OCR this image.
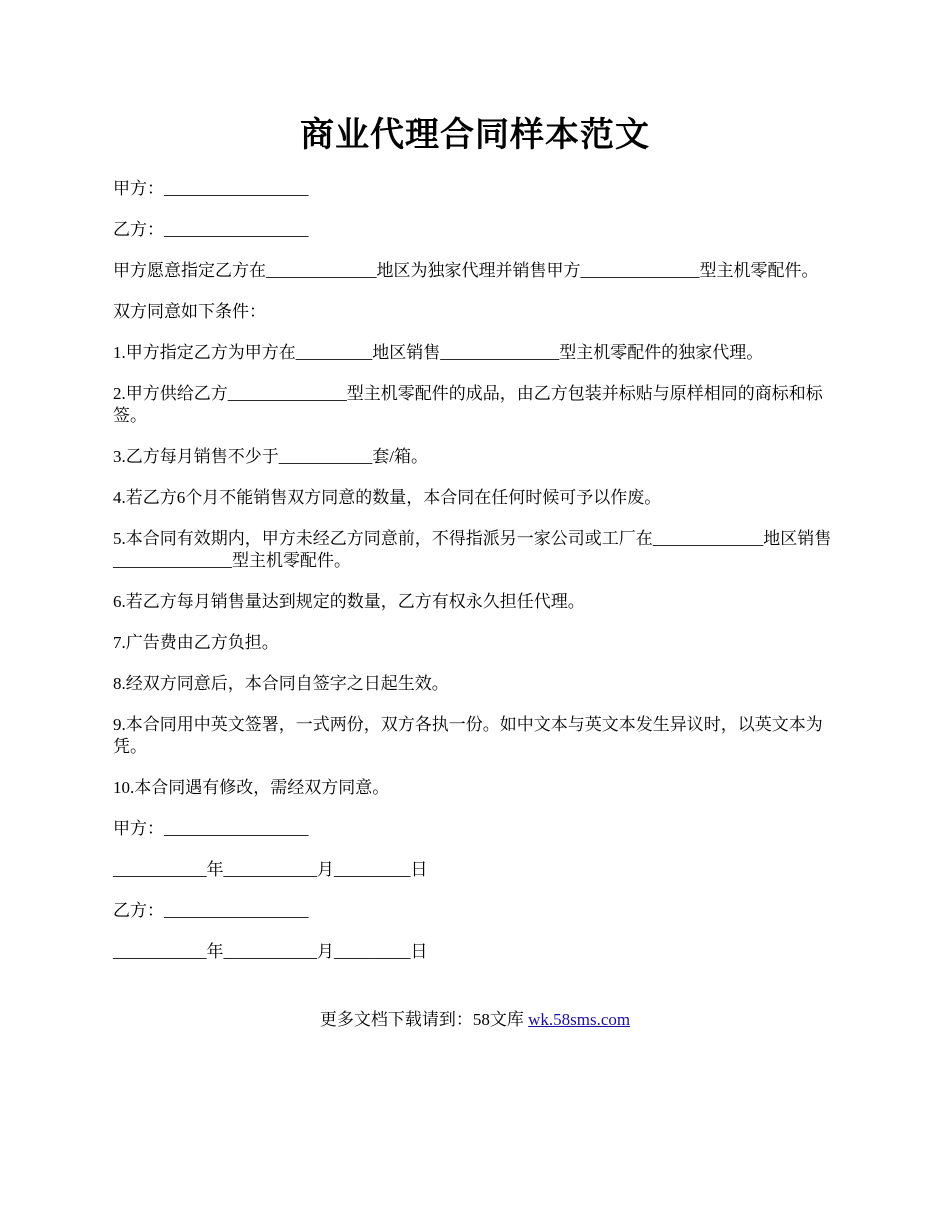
商业代理合同样本范文

甲方：_________________

乙方：_________________

甲方愿意指定乙方在_____________地区为独家代理并销售甲方______________型主机零配件。

双方同意如下条件：

1.甲方指定乙方为甲方在_________地区销售______________型主机零配件的独家代理。

2.甲方供给乙方______________型主机零配件的成品，由乙方包装并标贴与原样相同的商标和标签。

3.乙方每月销售不少于___________套/箱。

4.若乙方6个月不能销售双方同意的数量，本合同在任何时候可予以作废。

5.本合同有效期内，甲方未经乙方同意前，不得指派另一家公司或工厂在_____________地区销售______________型主机零配件。

6.若乙方每月销售量达到规定的数量，乙方有权永久担任代理。

7.广告费由乙方负担。

8.经双方同意后，本合同自签字之日起生效。

9.本合同用中英文签署，一式两份，双方各执一份。如中文本与英文本发生异议时，以英文本为凭。

10.本合同遇有修改，需经双方同意。

甲方：_________________

___________年___________月_________日

乙方：_________________

___________年___________月_________日

更多文档下载请到：58文库 wk.58sms.com
